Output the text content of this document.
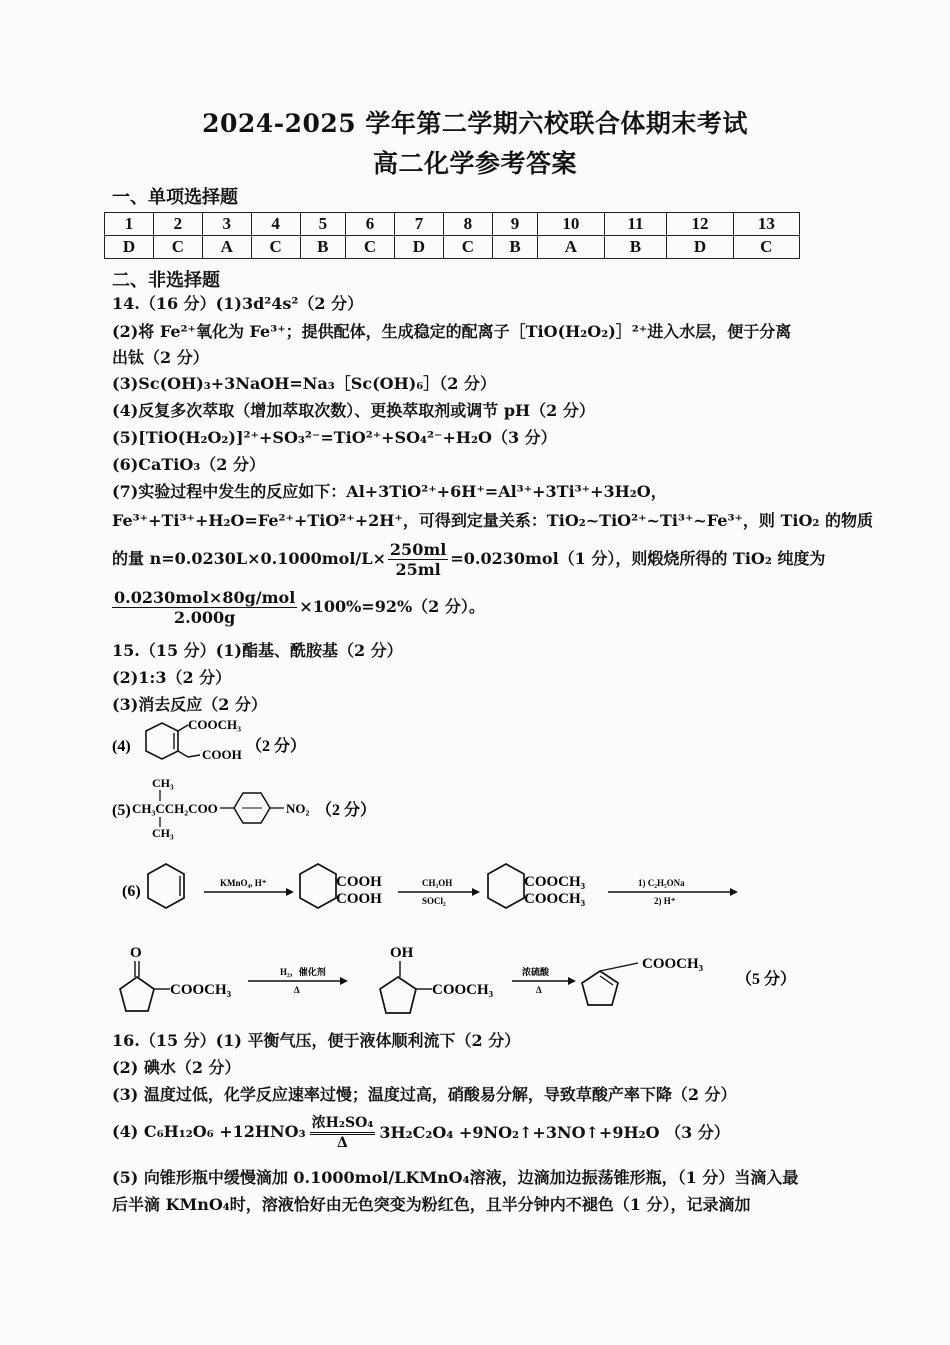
2024-2025 学年第二学期六校联合体期末考试
高二化学参考答案
一、单项选择题
1	2	3	4	5	6	7	8	9	10	11	12	13
D	C	A	C	B	C	D	C	B	A	B	D	C
二、非选择题
14.（16 分）(1)3d²4s²（2 分）
(2)将 Fe²⁺氧化为 Fe³⁺；提供配体，生成稳定的配离子［TiO(H₂O₂)］²⁺进入水层，便于分离
出钛（2 分）
(3)Sc(OH)₃+3NaOH=Na₃［Sc(OH)₆］（2 分）
(4)反复多次萃取（增加萃取次数）、更换萃取剂或调节 pH（2 分）
(5)[TiO(H₂O₂)]²⁺+SO₃²⁻=TiO²⁺+SO₄²⁻+H₂O（3 分）
(6)CaTiO₃（2 分）
(7)实验过程中发生的反应如下：Al+3TiO²⁺+6H⁺=Al³⁺+3Ti³⁺+3H₂O，
Fe³⁺+Ti³⁺+H₂O=Fe²⁺+TiO²⁺+2H⁺，可得到定量关系：TiO₂~TiO²⁺~Ti³⁺~Fe³⁺，则 TiO₂ 的物质
的量 $n=0.0230L\times 0.1000mol/L\times \frac{250ml}{25ml} =0.0230mol(1$ 分），则煅烧所得的 TiO₂ 纯度为
$\frac{\text{0.0230mol×80g/mol}}{2.000g} \times 100\%=92\%(2$ 分）。
15.（15 分）(1)酯基、酰胺基（2 分）
(2)1:3（2 分）
(3)消去反应（2 分）
(4)
COOCH₃
COOH （2 分）
(5)
CH₃
CH₃CCH₂COO
CH₃
NO₂ （2 分）
(6)	KMnO₄, H⁺	COOH
COOH
CH₃OH
SOCl₂
COOCH₃
COOCH₃
1) C₂H₅ONa
2) H⁺
O
COOCH₃
H₂，催化剂
Δ
OH
COOCH₃
浓硫酸
Δ
COOCH₃
（5 分）
16.（15 分）(1) 平衡气压，便于液体顺利流下（2 分）
(2) 碘水（2 分）
(3) 温度过低，化学反应速率过慢；温度过高，硝酸易分解，导致草酸产率下降（2 分）
(4) $C_6H_{12}O_6 +12HNO_3 \frac{\text{浓H₂SO₄}}{\Delta} 3H_2C_2O_4$ +9NO₂↑+3NO↑+9H₂O （3 分）
(5) 向锥形瓶中缓慢滴加 0.1000mol/LKMnO₄溶液，边滴加边振荡锥形瓶，（1 分）当滴入最
后半滴 KMnO₄时，溶液恰好由无色突变为粉红色，且半分钟内不褪色（1 分），记录滴加
